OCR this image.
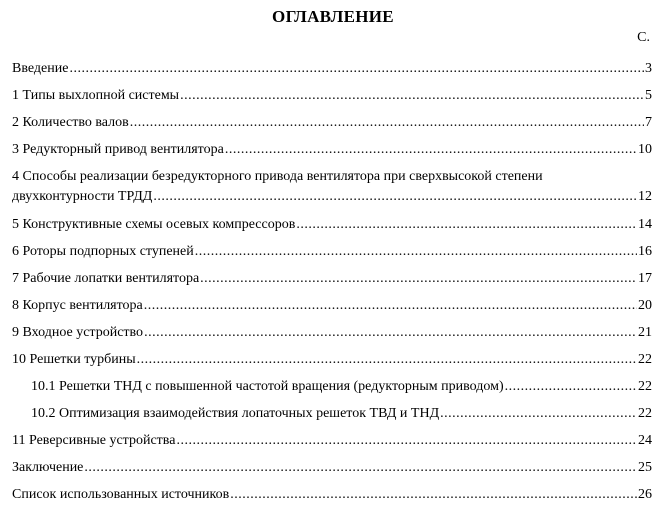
ОГЛАВЛЕНИЕ
С.
Введение .....	3
1 Типы выхлопной системы .....	5
2 Количество валов .....	7
3 Редукторный привод вентилятора .....	10
4 Способы реализации безредукторного привода вентилятора при сверхвысокой степени
двухконтурности ТРДД .....	12
5 Конструктивные схемы осевых компрессоров .....	14
6 Роторы подпорных ступеней .....	16
7 Рабочие лопатки вентилятора .....	17
8 Корпус вентилятора .....	20
9 Входное устройство .....	21
10 Решетки турбины .....	22
10.1 Решетки ТНД с повышенной частотой вращения (редукторным приводом) .....	22
10.2 Оптимизация взаимодействия лопаточных решеток ТВД и ТНД .....	22
11 Реверсивные устройства .....	24
Заключение .....	25
Список использованных источников .....	26
